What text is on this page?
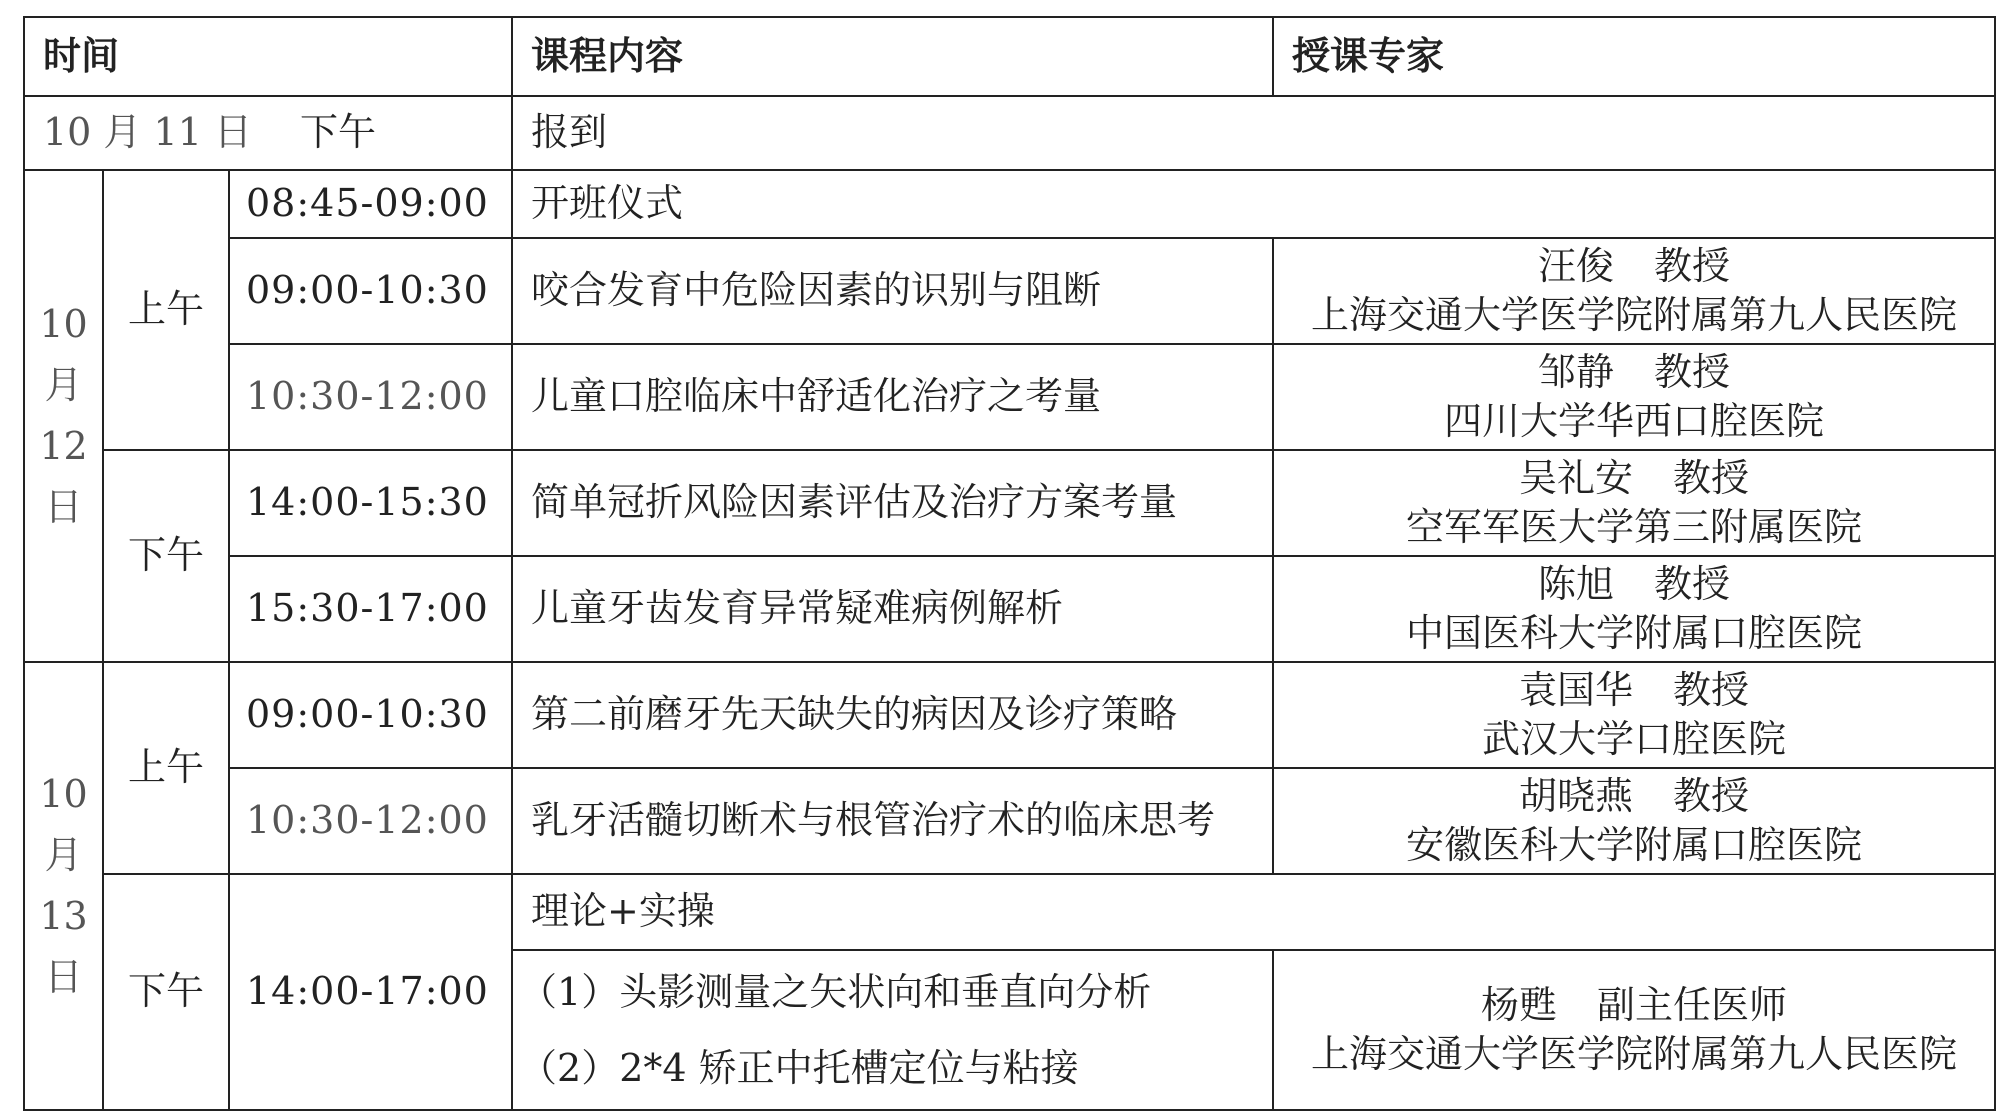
时间			课程内容	授课专家
10 月 11 日 下午			报到	

10
月
12
日	上午	08:45-09:00	开班仪式	
		09:00-10:30	咬合发育中危险因素的识别与阻断	汪俊 教授
上海交通大学医学院附属第九人民医院

		10:30-12:00	儿童口腔临床中舒适化治疗之考量	邹静 教授
四川大学华西口腔医院

	下午	14:00-15:30	简单冠折风险因素评估及治疗方案考量	吴礼安 教授
空军军医大学第三附属医院

		15:30-17:00	儿童牙齿发育异常疑难病例解析	陈旭 教授
中国医科大学附属口腔医院

10
月
13
日	上午	09:00-10:30	第二前磨牙先天缺失的病因及诊疗策略	袁国华 教授
武汉大学口腔医院

		10:30-12:00	乳牙活髓切断术与根管治疗术的临床思考	胡晓燕 教授
安徽医科大学附属口腔医院

	下午	14:00-17:00	理论+实操	

			（1）头影测量之矢状向和垂直向分析
（2）2*4 矫正中托槽定位与粘接	杨甦 副主任医师
上海交通大学医学院附属第九人民医院
